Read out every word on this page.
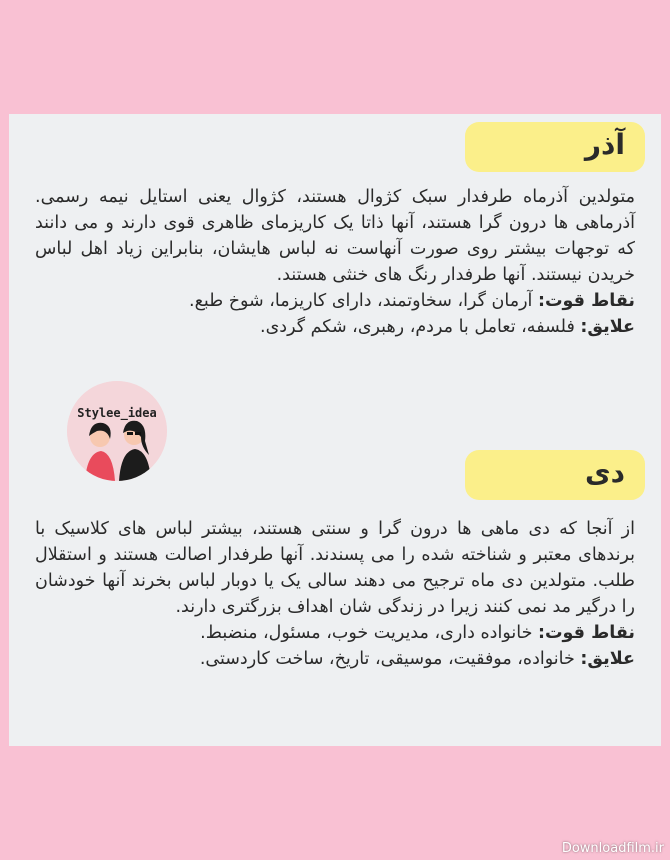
آذر

متولدین آذرماه طرفدار سبک کژوال هستند، کژوال یعنی استایل نیمه رسمی. آذرماهی ها درون گرا هستند، آنها ذاتا یک کاریزمای ظاهری قوی دارند و می دانند که توجهات بیشتر روی صورت آنهاست نه لباس هایشان، بنابراین زیاد اهل لباس خریدن نیستند. آنها طرفدار رنگ های خنثی هستند.

نقاط قوت: آرمان گرا، سخاوتمند، دارای کاریزما، شوخ طبع.

علایق: فلسفه، تعامل با مردم، رهبری، شکم گردی.

دی

از آنجا که دی ماهی ها درون گرا و سنتی هستند، بیشتر لباس های کلاسیک با برندهای معتبر و شناخته شده را می پسندند. آنها طرفدار اصالت هستند و استقلال طلب. متولدین دی ماه ترجیح می دهند سالی یک یا دوبار لباس بخرند آنها خودشان را درگیر مد نمی کنند زیرا در زندگی شان اهداف بزرگتری دارند.

نقاط قوت: خانواده داری، مدیریت خوب، مسئول، منضبط.

علایق: خانواده، موفقیت، موسیقی، تاریخ، ساخت کاردستی.

Stylee_idea
Downloadfilm.ir
